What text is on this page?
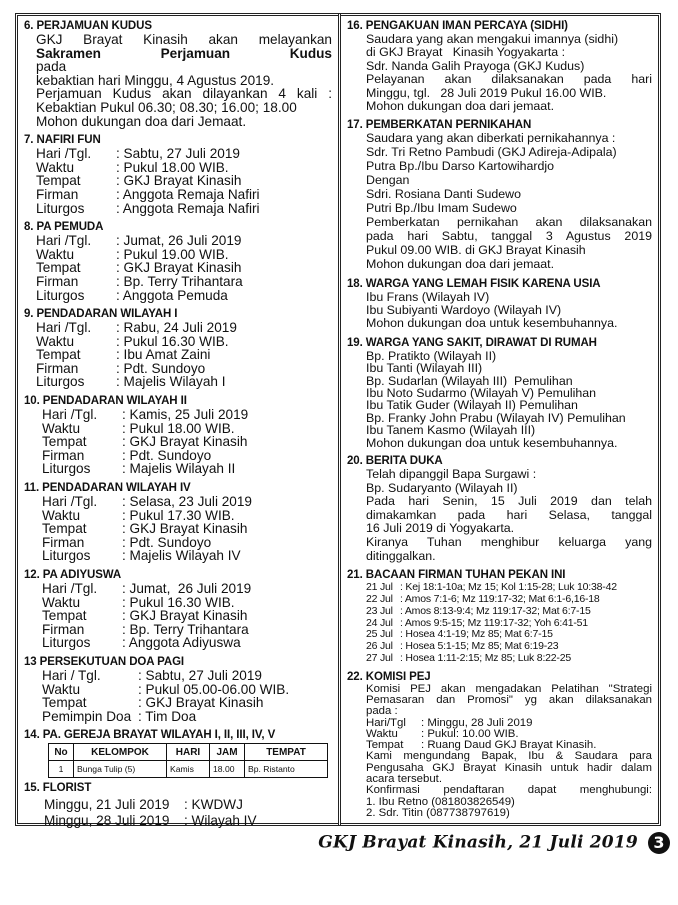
6. PERJAMUAN KUDUS
GKJ Brayat Kinasih akan melayankan
Sakramen Perjamuan Kudus pada
kebaktian hari Minggu, 4 Agustus 2019.
Perjamuan Kudus akan dilayankan 4 kali :
Kebaktian Pukul 06.30; 08.30; 16.00; 18.00
Mohon dukungan doa dari Jemaat.
7. NAFIRI FUN
Hari /Tgl.	: Sabtu, 27 Juli 2019
Waktu	: Pukul 18.00 WIB.
Tempat	: GKJ Brayat Kinasih
Firman	: Anggota Remaja Nafiri
Liturgos	: Anggota Remaja Nafiri
8. PA PEMUDA
Hari /Tgl.	: Jumat, 26 Juli 2019
Waktu	: Pukul 19.00 WIB.
Tempat	: GKJ Brayat Kinasih
Firman	: Bp. Terry Trihantara
Liturgos	: Anggota Pemuda
9. PENDADARAN WILAYAH I
Hari /Tgl.	: Rabu, 24 Juli 2019
Waktu	: Pukul 16.30 WIB.
Tempat	: Ibu Amat Zaini
Firman	: Pdt. Sundoyo
Liturgos	: Majelis Wilayah I
10. PENDADARAN WILAYAH II
Hari /Tgl.	: Kamis, 25 Juli 2019
Waktu	: Pukul 18.00 WIB.
Tempat	: GKJ Brayat Kinasih
Firman	: Pdt. Sundoyo
Liturgos	: Majelis Wilayah II
11. PENDADARAN WILAYAH IV
Hari /Tgl.	: Selasa, 23 Juli 2019
Waktu	: Pukul 17.30 WIB.
Tempat	: GKJ Brayat Kinasih
Firman	: Pdt. Sundoyo
Liturgos	: Majelis Wilayah IV
12. PA ADIYUSWA
Hari /Tgl.	: Jumat,  26 Juli 2019
Waktu	: Pukul 16.30 WIB.
Tempat	: GKJ Brayat Kinasih
Firman	: Bp. Terry Trihantara
Liturgos	: Anggota Adiyuswa
13 PERSEKUTUAN DOA PAGI
Hari / Tgl.	: Sabtu, 27 Juli 2019
Waktu	: Pukul 05.00-06.00 WIB.
Tempat	: GKJ Brayat Kinasih
Pemimpin Doa : Tim Doa
14. PA. GEREJA BRAYAT WILAYAH I, II, III, IV, V
No	KELOMPOK	HARI	JAM	TEMPAT
1	Bunga Tulip (5)	Kamis	18.00	Bp. Ristanto
15. FLORIST
Minggu, 21 Juli 2019	: KWDWJ
Minggu, 28 Juli 2019	: Wilayah IV
16. PENGAKUAN IMAN PERCAYA (SIDHI)
Saudara yang akan mengakui imannya (sidhi)
di GKJ Brayat   Kinasih Yogyakarta :
Sdr. Nanda Galih Prayoga (GKJ Kudus)
Pelayanan akan dilaksanakan pada hari
Minggu, tgl.   28 Juli 2019 Pukul 16.00 WIB.
Mohon dukungan doa dari jemaat.
17. PEMBERKATAN PERNIKAHAN
Saudara yang akan diberkati pernikahannya :
Sdr. Tri Retno Pambudi (GKJ Adireja-Adipala)
Putra Bp./Ibu Darso Kartowihardjo
Dengan
Sdri. Rosiana Danti Sudewo
Putri Bp./Ibu Imam Sudewo
Pemberkatan pernikahan akan dilaksanakan
pada hari Sabtu, tanggal 3 Agustus 2019
Pukul 09.00 WIB. di GKJ Brayat Kinasih
Mohon dukungan doa dari jemaat.
18. WARGA YANG LEMAH FISIK KARENA USIA
Ibu Frans (Wilayah IV)
Ibu Subiyanti Wardoyo (Wilayah IV)
Mohon dukungan doa untuk kesembuhannya.
19. WARGA YANG SAKIT, DIRAWAT DI RUMAH
Bp. Pratikto (Wilayah II)
Ibu Tanti (Wilayah III)
Bp. Sudarlan (Wilayah III)  Pemulihan
Ibu Noto Sudarmo (Wilayah V) Pemulihan
Ibu Tatik Guder (Wilayah II) Pemulihan
Bp. Franky John Prabu (Wilayah IV) Pemulihan
Ibu Tanem Kasmo (Wilayah III)
Mohon dukungan doa untuk kesembuhannya.
20. BERITA DUKA
Telah dipanggil Bapa Surgawi :
Bp. Sudaryanto (Wilayah II)
Pada hari Senin, 15 Juli 2019 dan telah
dimakamkan pada hari Selasa, tanggal
16 Juli 2019 di Yogyakarta.
Kiranya Tuhan menghibur keluarga yang
ditinggalkan.
21. BACAAN FIRMAN TUHAN PEKAN INI
21 Jul : Kej 18:1-10a; Mz 15; Kol 1:15-28; Luk 10:38-42
22 Jul : Amos 7:1-6; Mz 119:17-32; Mat 6:1-6,16-18
23 Jul : Amos 8:13-9:4; Mz 119:17-32; Mat 6:7-15
24 Jul : Amos 9:5-15; Mz 119:17-32; Yoh 6:41-51
25 Jul : Hosea 4:1-19; Mz 85; Mat 6:7-15
26 Jul : Hosea 5:1-15; Mz 85; Mat 6:19-23
27 Jul : Hosea 1:11-2:15; Mz 85; Luk 8:22-25
22. KOMISI PEJ
Komisi PEJ akan mengadakan Pelatihan "Strategi
Pemasaran dan Promosi" yg akan dilaksanakan
pada :
Hari/Tgl	: Minggu, 28 Juli 2019
Waktu	: Pukul: 10.00 WIB.
Tempat	: Ruang Daud GKJ Brayat Kinasih.
Kami mengundang Bapak, Ibu & Saudara para
Pengusaha GKJ Brayat Kinasih untuk hadir dalam
acara tersebut.
Konfirmasi pendaftaran dapat menghubungi:
1. Ibu Retno (081803826549)
2. Sdr. Titin (087738797619)
GKJ Brayat Kinasih, 21 Juli 2019 3
